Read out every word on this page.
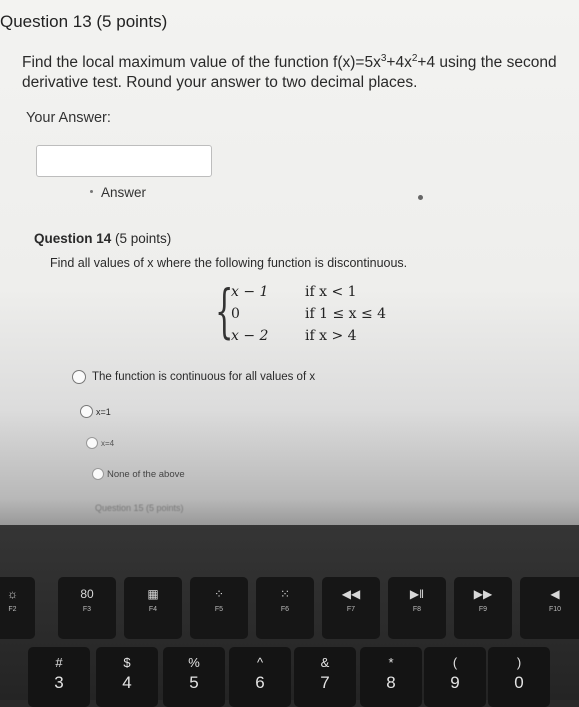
Question 13 (5 points)
Find the local maximum value of the function $f(x)=5x^3+4x^2+4$ using the second derivative test. Round your answer to two decimal places.
Your Answer:
Answer
Question 14 (5 points)
Find all values of x where the following function is discontinuous.
{
x − 1	if x < 1
0	if 1 ≤ x ≤ 4
x − 2	if x > 4
The function is continuous for all values of x
x=1
x=4
None of the above
Question 15 (5 points)
☼
F2
80
F3
▦
F4
⁘
F5
⁙
F6
◀◀
F7
▶‖
F8
▶▶
F9
◀
F10
#
3
$
4
%
5
^
6
&
7
*
8
(
9
)
0
